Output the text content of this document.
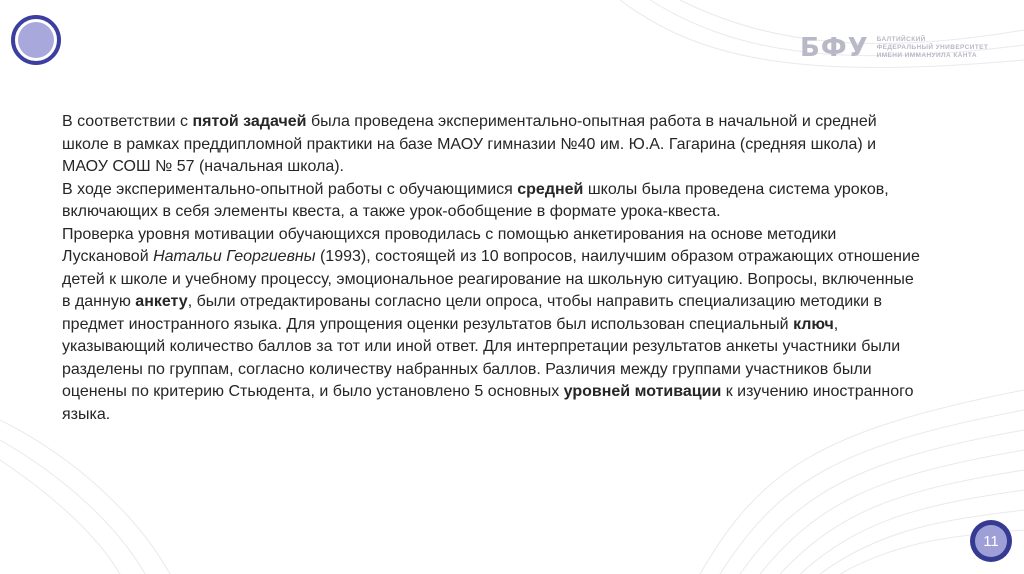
БФУ БАЛТИЙСКИЙ
ФЕДЕРАЛЬНЫЙ УНИВЕРСИТЕТ
ИМЕНИ ИММАНУИЛА КАНТА

В соответствии с пятой задачей была проведена экспериментально-опытная работа в начальной и средней школе в рамках преддипломной практики на базе МАОУ гимназии №40 им. Ю.А. Гагарина (средняя школа) и МАОУ СОШ № 57 (начальная школа).

В ходе экспериментально-опытной работы с обучающимися средней школы была проведена система уроков, включающих в себя элементы квеста, а также урок-обобщение в формате урока-квеста.

Проверка уровня мотивации обучающихся проводилась с помощью анкетирования на основе методики Лускановой Натальи Георгиевны (1993), состоящей из 10 вопросов, наилучшим образом отражающих отношение детей к школе и учебному процессу, эмоциональное реагирование на школьную ситуацию. Вопросы, включенные в данную анкету, были отредактированы согласно цели опроса, чтобы направить специализацию методики в предмет иностранного языка. Для упрощения оценки результатов был использован специальный ключ, указывающий количество баллов за тот или иной ответ. Для интерпретации результатов анкеты участники были разделены по группам, согласно количеству набранных баллов. Различия между группами участников были оценены по критерию Стьюдента, и было установлено 5 основных уровней мотивации к изучению иностранного языка.

11
